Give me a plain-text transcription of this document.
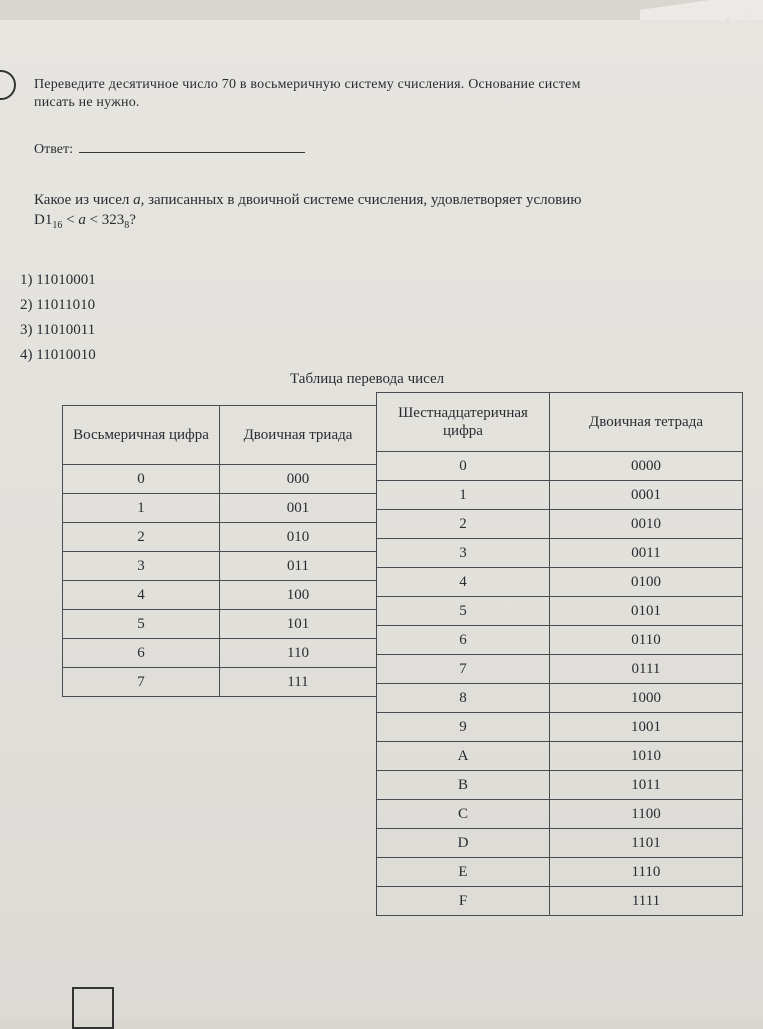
Переведите десятичное число 70 в восьмеричную систему счисления. Основание систем
писать не нужно.
Ответ:
Какое из чисел a, записанных в двоичной системе счисления, удовлетворяет условию
$D1_{16} < a < 323_8$?
1) 11010001
2) 11011010
3) 11010011
4) 11010010
Таблица перевода чисел
Восьмеричная цифра	Двоичная триада
0	000
1	001
2	010
3	011
4	100
5	101
6	110
7	111
Шестнадцатеричная цифра	Двоичная тетрада
0	0000
1	0001
2	0010
3	0011
4	0100
5	0101
6	0110
7	0111
8	1000
9	1001
A	1010
B	1011
C	1100
D	1101
E	1110
F	1111
